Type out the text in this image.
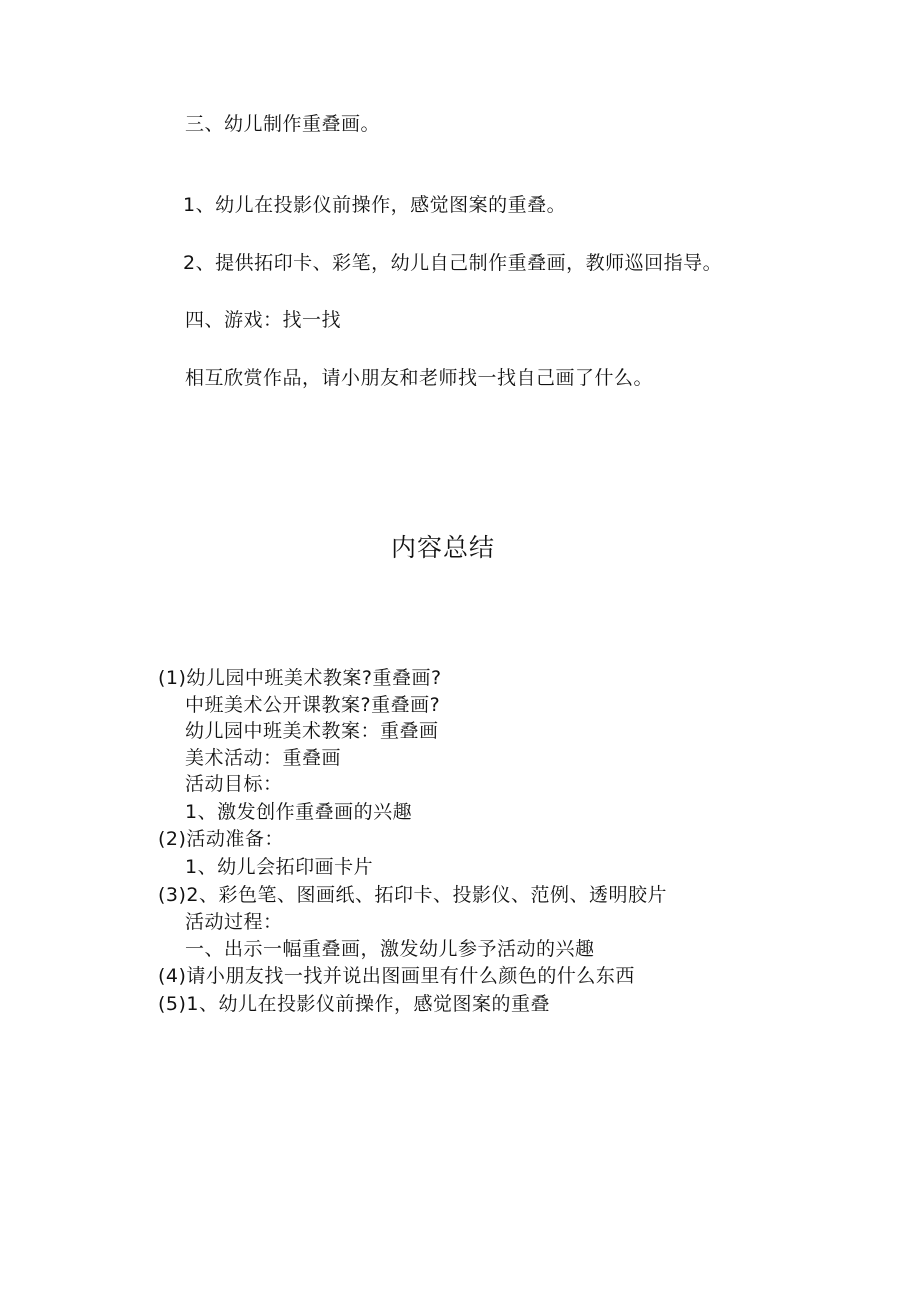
三、幼儿制作重叠画。
1、幼儿在投影仪前操作，感觉图案的重叠。
2、提供拓印卡、彩笔，幼儿自己制作重叠画，教师巡回指导。
四、游戏：找一找
相互欣赏作品，请小朋友和老师找一找自己画了什么。
内容总结
(1)幼儿园中班美术教案?重叠画?
中班美术公开课教案?重叠画?
幼儿园中班美术教案：重叠画
美术活动：重叠画
活动目标：
1、激发创作重叠画的兴趣
(2)活动准备：
1、幼儿会拓印画卡片
(3)2、彩色笔、图画纸、拓印卡、投影仪、范例、透明胶片
活动过程：
一、出示一幅重叠画，激发幼儿参予活动的兴趣
(4)请小朋友找一找并说出图画里有什么颜色的什么东西
(5)1、幼儿在投影仪前操作，感觉图案的重叠
